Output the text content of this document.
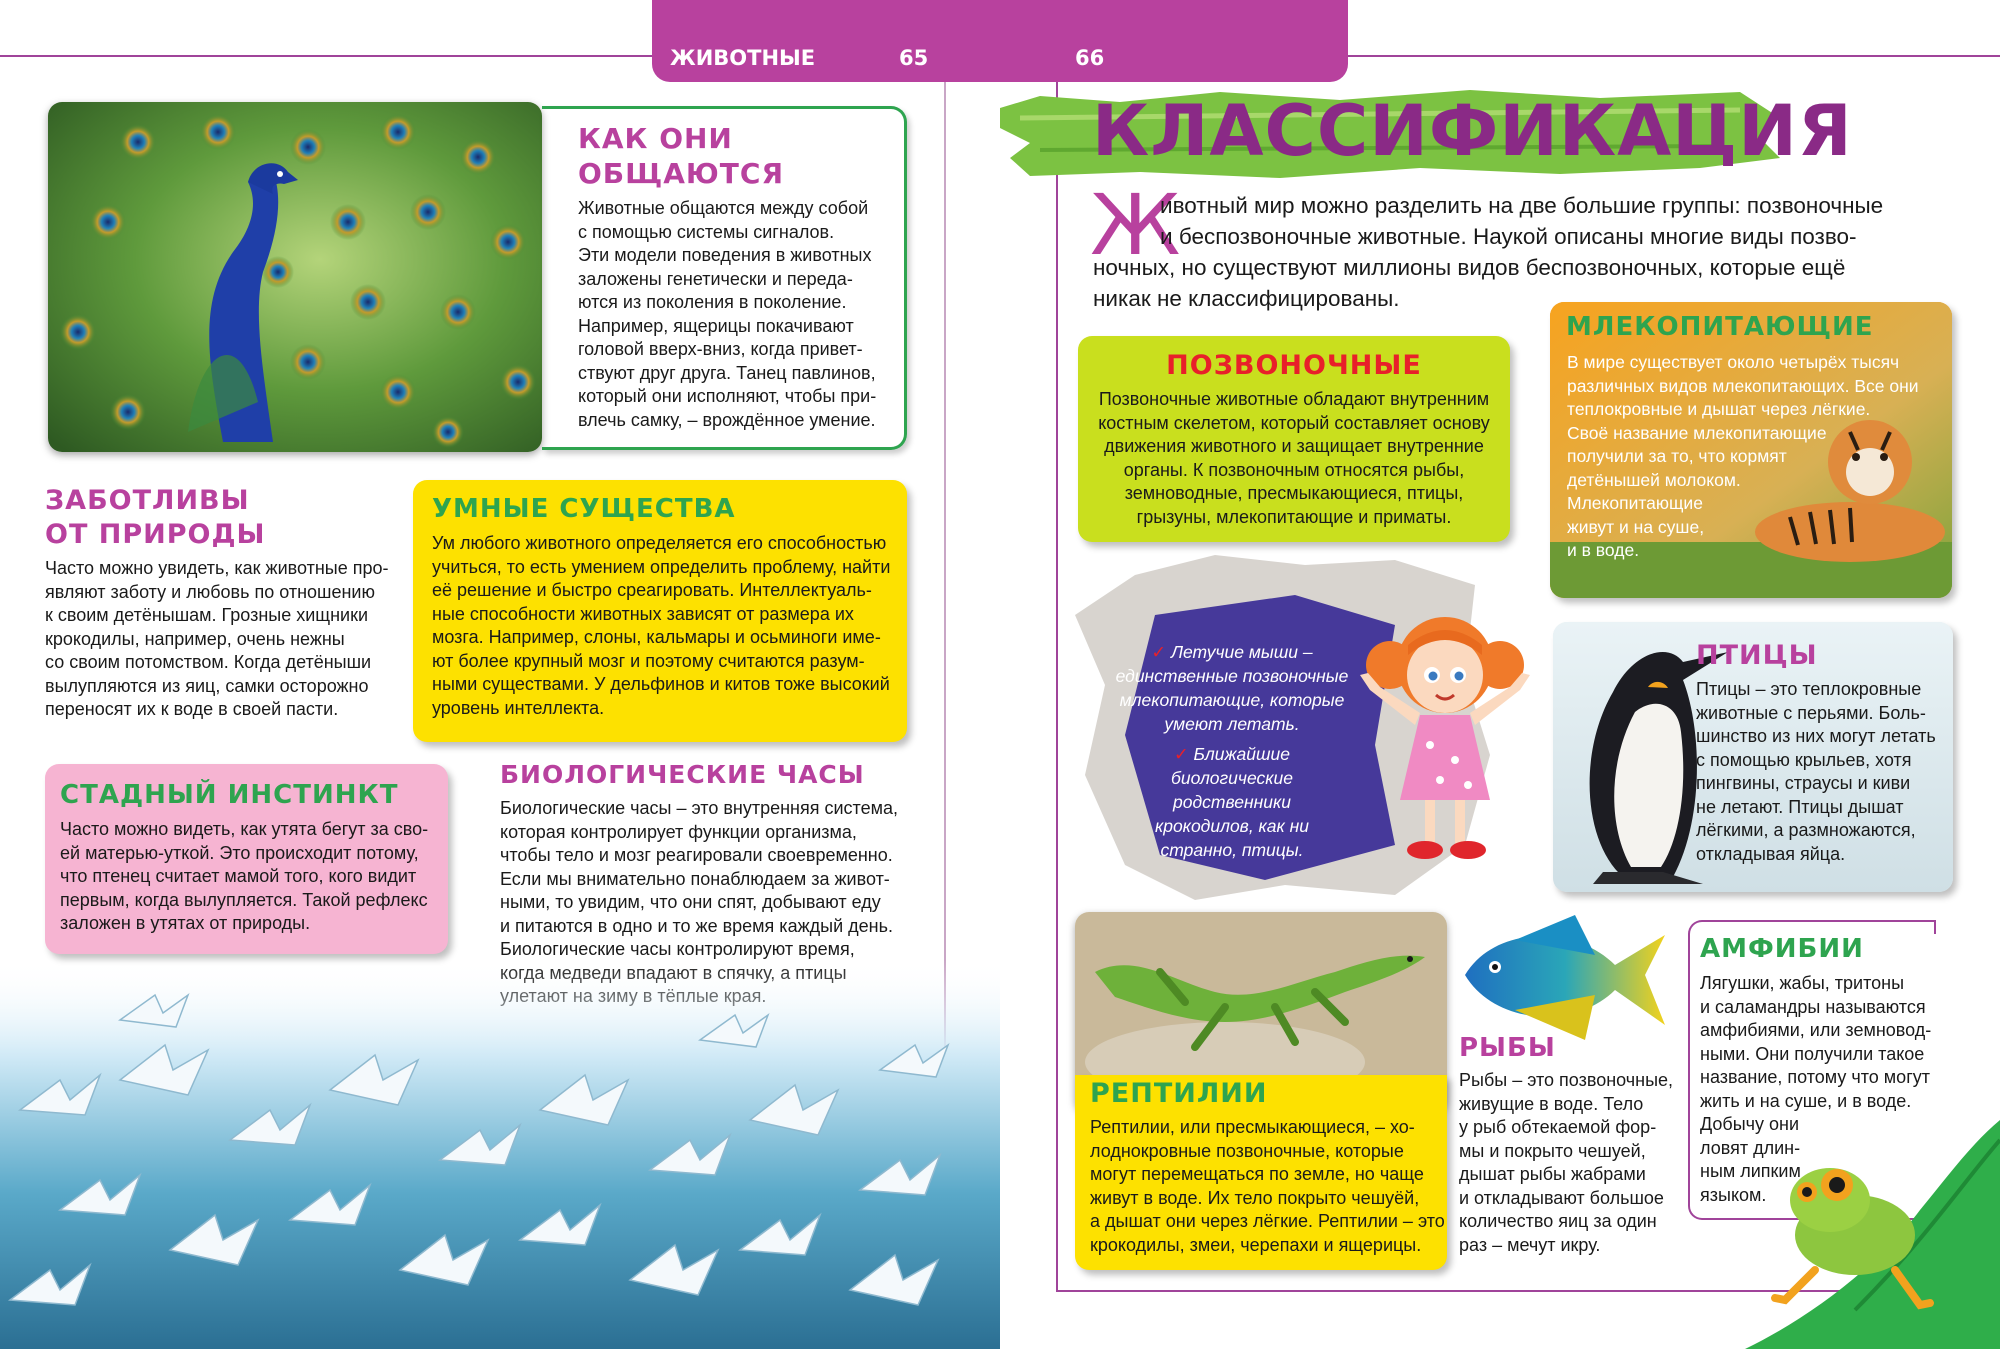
ЖИВОТНЫЕ	65	66
КАК ОНИ
ОБЩАЮТСЯ
Животные общаются между собой
с помощью системы сигналов.
Эти модели поведения в животных
заложены генетически и переда-
ются из поколения в поколение.
Например, ящерицы покачивают
головой вверх-вниз, когда привет-
ствуют друг друга. Танец павлинов,
который они исполняют, чтобы при-
влечь самку, – врождённое умение.
ЗАБОТЛИВЫ
ОТ ПРИРОДЫ
Часто можно увидеть, как животные про-
являют заботу и любовь по отношению
к своим детёнышам. Грозные хищники
крокодилы, например, очень нежны
со своим потомством. Когда детёныши
вылупляются из яиц, самки осторожно
переносят их к воде в своей пасти.
УМНЫЕ СУЩЕСТВА
Ум любого животного определяется его способностью
учиться, то есть умением определить проблему, найти
её решение и быстро среагировать. Интеллектуаль-
ные способности животных зависят от размера их
мозга. Например, слоны, кальмары и осьминоги име-
ют более крупный мозг и поэтому считаются разум-
ными существами. У дельфинов и китов тоже высокий
уровень интеллекта.
СТАДНЫЙ ИНСТИНКТ
Часто можно видеть, как утята бегут за сво-
ей матерью-уткой. Это происходит потому,
что птенец считает мамой того, кого видит
первым, когда вылупляется. Такой рефлекс
заложен в утятах от природы.
БИОЛОГИЧЕСКИЕ ЧАСЫ
Биологические часы – это внутренняя система,
которая контролирует функции организма,
чтобы тело и мозг реагировали своевременно.
Если мы внимательно понаблюдаем за живот-
ными, то увидим, что они спят, добывают еду
и питаются в одно и то же время каждый день.
Биологические часы контролируют время,
КЛАССИФИКАЦИЯ
Ж
ивотный мир можно разделить на две большие группы: позвоночные
и беспозвоночные животные. Наукой описаны многие виды позво-
ночных, но существуют миллионы видов беспозвоночных, которые ещё
никак не классифицированы.
ПОЗВОНОЧНЫЕ
Позвоночные животные обладают внутренним
костным скелетом, который составляет основу
движения животного и защищает внутренние
органы. К позвоночным относятся рыбы,
земноводные, пресмыкающиеся, птицы,
грызуны, млекопитающие и приматы.
✓ Летучие мыши –
единственные позвоночные
млекопитающие, которые
умеют летать.
✓ Ближайшие биологические
родственники
крокодилов, как ни
странно, птицы.
МЛЕКОПИТАЮЩИЕ
В мире существует около четырёх тысяч
различных видов млекопитающих. Все они
теплокровные и дышат через лёгкие.
Своё название млекопитающие
получили за то, что кормят
детёнышей молоком.
Млекопитающие
живут и на суше,
и в воде.
ПТИЦЫ
Птицы – это теплокровные
животные с перьями. Боль-
шинство из них могут летать
с помощью крыльев, хотя
пингвины, страусы и киви
не летают. Птицы дышат
лёгкими, а размножаются,
откладывая яйца.
РЕПТИЛИИ
Рептилии, или пресмыкающиеся, – хо-
лоднокровные позвоночные, которые
могут перемещаться по земле, но чаще
живут в воде. Их тело покрыто чешуёй,
а дышат они через лёгкие. Рептилии – это
крокодилы, змеи, черепахи и ящерицы.
РЫБЫ
Рыбы – это позвоночные,
живущие в воде. Тело
у рыб обтекаемой фор-
мы и покрыто чешуей,
дышат рыбы жабрами
и откладывают большое
количество яиц за один
раз – мечут икру.
АМФИБИИ
Лягушки, жабы, тритоны
и саламандры называются
амфибиями, или земновод-
ными. Они получили такое
название, потому что могут
жить и на суше, и в воде.
Добычу они
ловят длин-
ным липким
языком.
